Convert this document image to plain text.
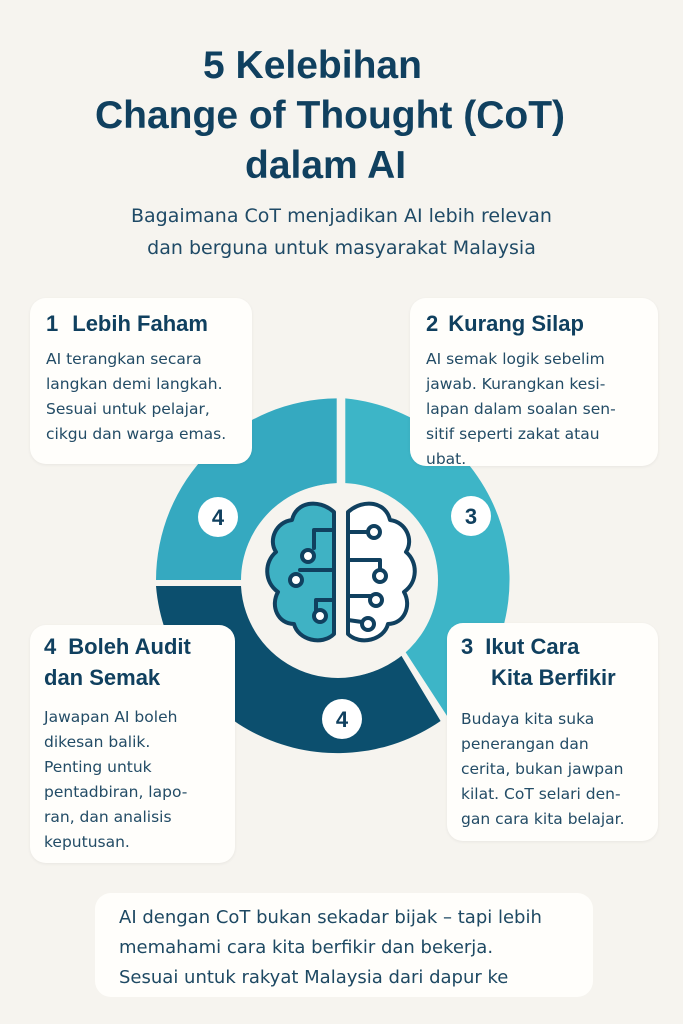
5 Kelebihan
Change of Thought (CoT)
dalam AI
Bagaimana CoT menjadikan AI lebih relevan
dan berguna untuk masyarakat Malaysia
4	3
4
1 Lebih Faham

AI terangkan secara
langkan demi langkah.
Sesuai untuk pelajar,
cikgu dan warga emas.

2 Kurang Silap

AI semak logik sebelim
jawab. Kurangkan kesi-
lapan dalam soalan sen-
sitif seperti zakat atau
ubat.

4 Boleh Audit
dan Semak

Jawapan AI boleh
dikesan balik.
Penting untuk
pentadbiran, lapo-
ran, dan analisis
keputusan.

3 Ikut Cara
Kita Berfikir

Budaya kita suka
penerangan dan
cerita, bukan jawpan
kilat. CoT selari den-
gan cara kita belajar.

AI dengan CoT bukan sekadar bijak – tapi lebih
memahami cara kita berfikir dan bekerja.
Sesuai untuk rakyat Malaysia dari dapur ke
